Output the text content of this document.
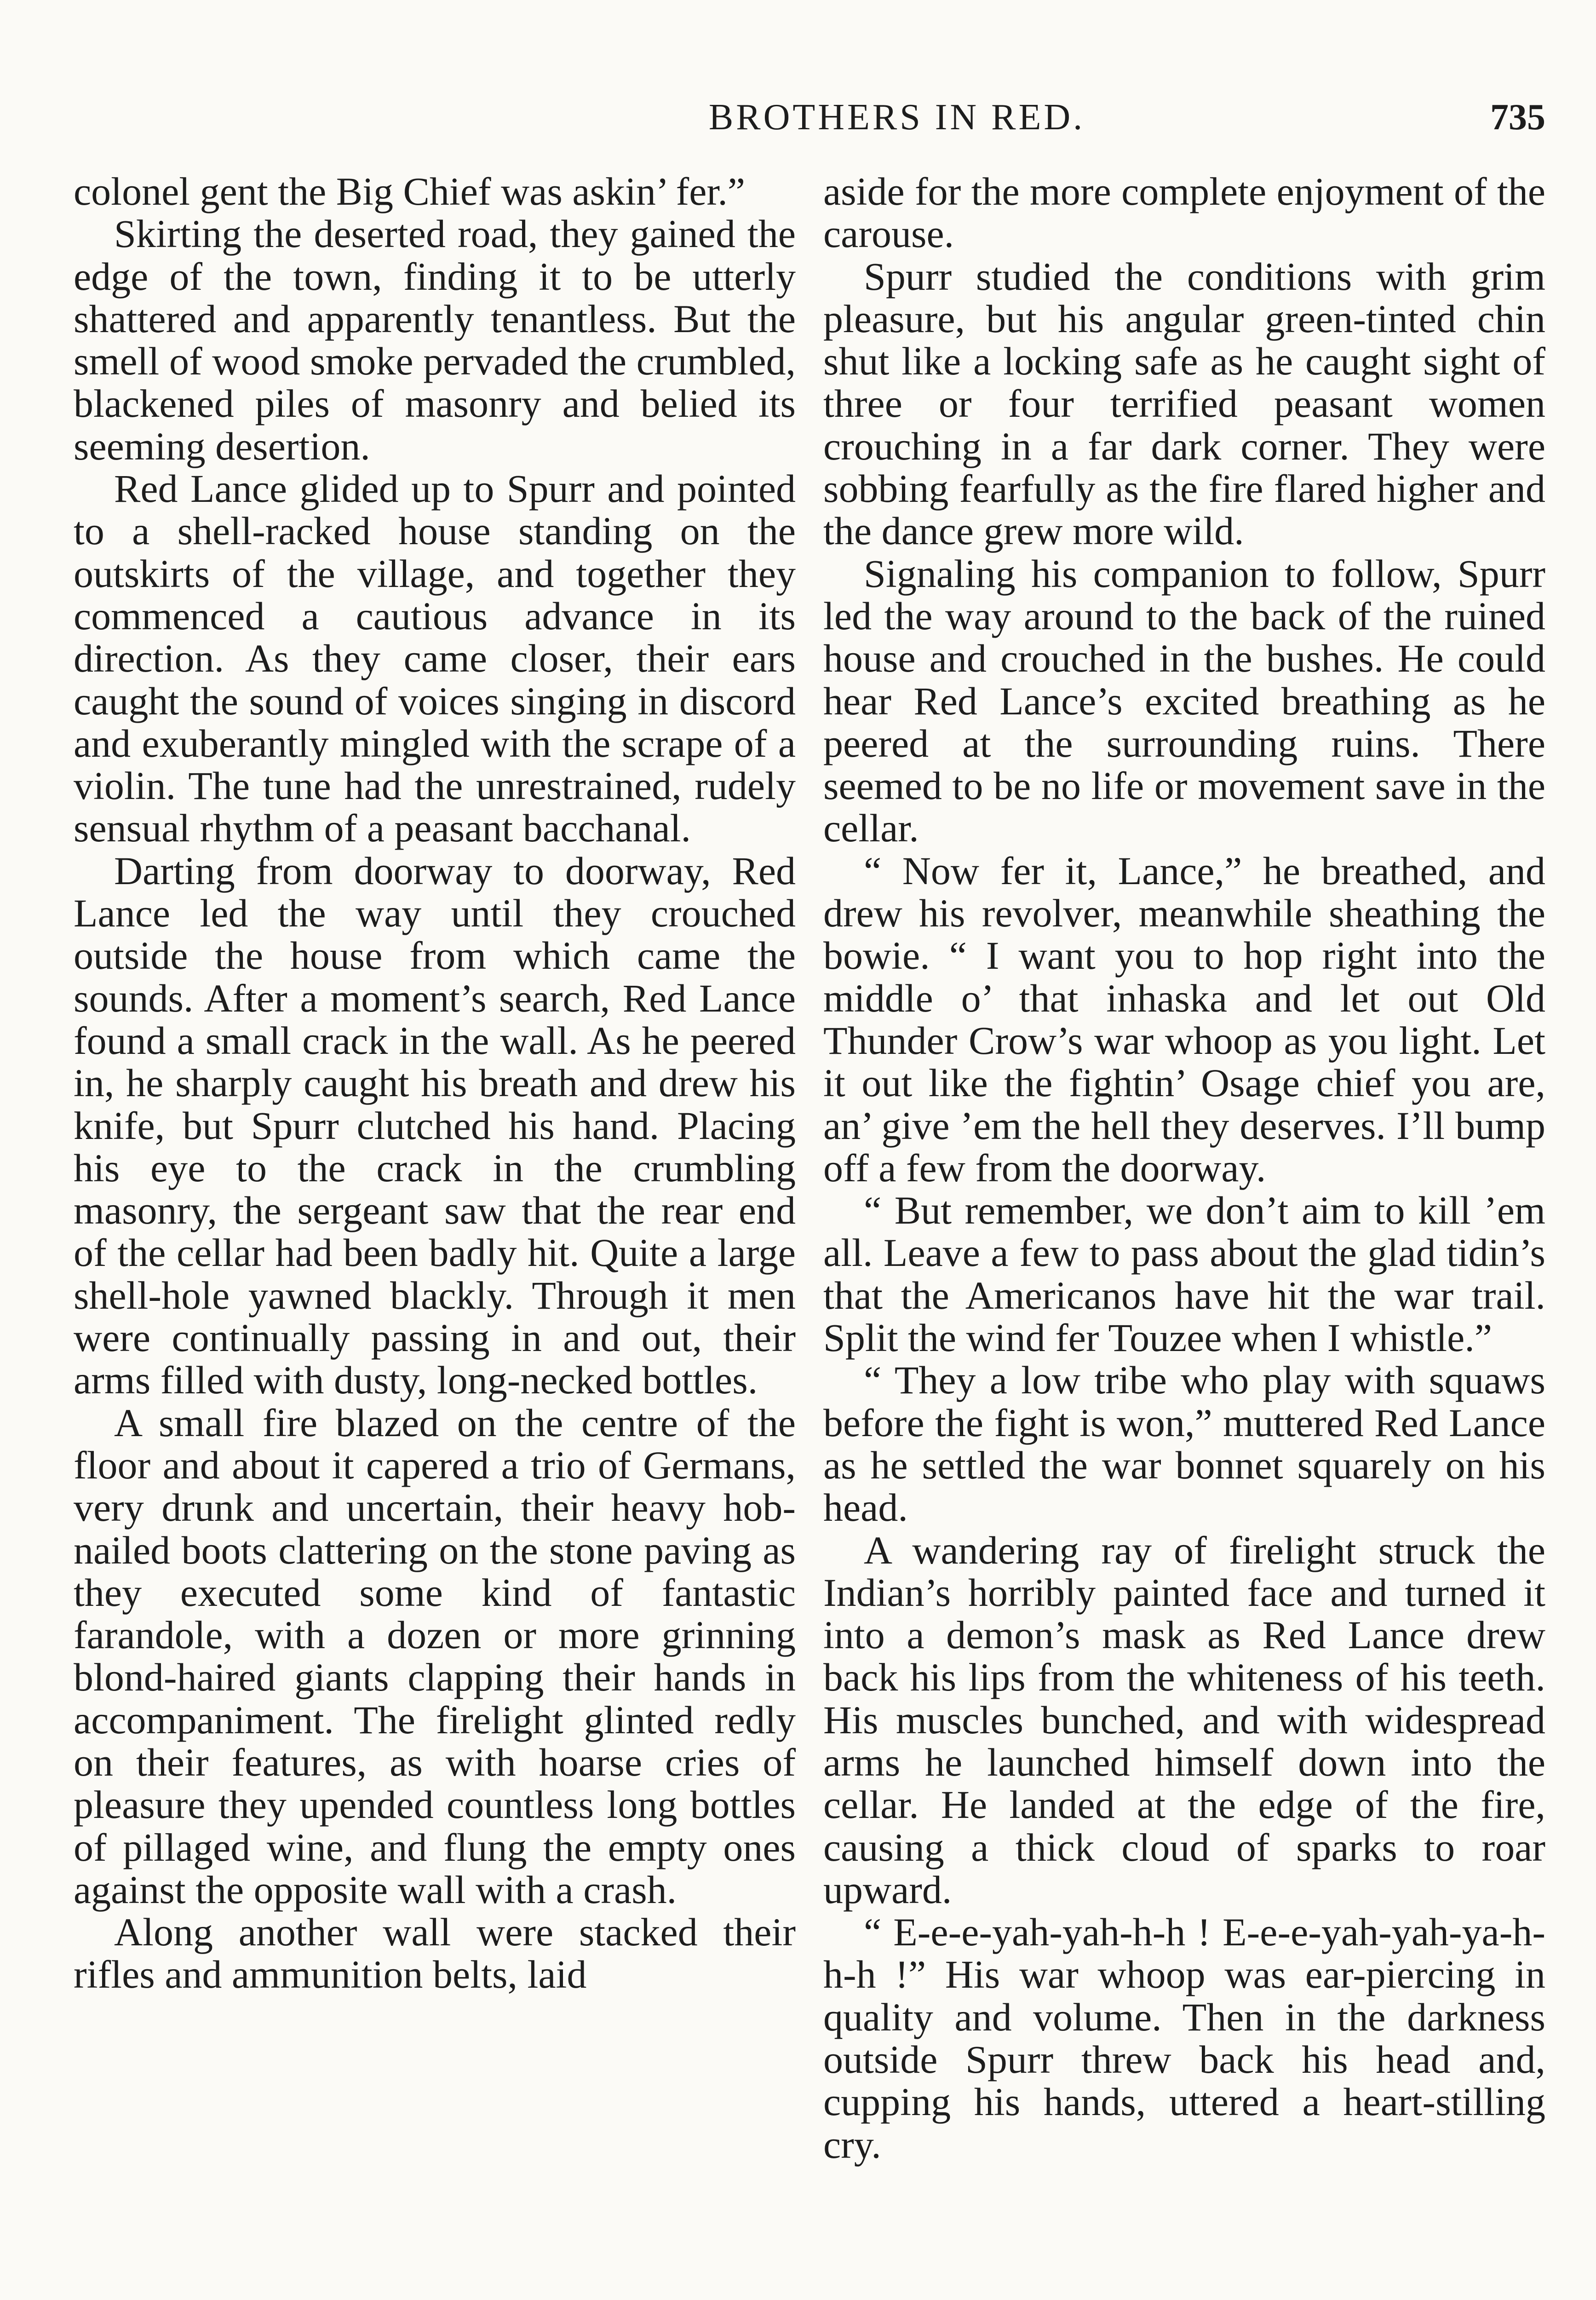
BROTHERS IN RED.	735

colonel gent the Big Chief was askin’ fer.”

Skirting the deserted road, they gained the edge of the town, finding it to be utterly shattered and apparently tenantless. But the smell of wood smoke pervaded the crumbled, blackened piles of masonry and belied its seeming desertion.

Red Lance glided up to Spurr and pointed to a shell-racked house standing on the outskirts of the village, and together they commenced a cautious advance in its direction. As they came closer, their ears caught the sound of voices singing in discord and exuberantly mingled with the scrape of a violin. The tune had the unrestrained, rudely sensual rhythm of a peasant bacchanal.

Darting from doorway to doorway, Red Lance led the way until they crouched outside the house from which came the sounds. After a moment’s search, Red Lance found a small crack in the wall. As he peered in, he sharply caught his breath and drew his knife, but Spurr clutched his hand. Placing his eye to the crack in the crumbling masonry, the sergeant saw that the rear end of the cellar had been badly hit. Quite a large shell-hole yawned blackly. Through it men were continually passing in and out, their arms filled with dusty, long-necked bottles.

A small fire blazed on the centre of the floor and about it capered a trio of Germans, very drunk and uncertain, their heavy hob-nailed boots clattering on the stone paving as they executed some kind of fantastic farandole, with a dozen or more grinning blond-haired giants clapping their hands in accompaniment. The firelight glinted redly on their features, as with hoarse cries of pleasure they upended countless long bottles of pillaged wine, and flung the empty ones against the opposite wall with a crash.

Along another wall were stacked their rifles and ammunition belts, laid

aside for the more complete enjoyment of the carouse.

Spurr studied the conditions with grim pleasure, but his angular green-tinted chin shut like a locking safe as he caught sight of three or four terrified peasant women crouching in a far dark corner. They were sobbing fearfully as the fire flared higher and the dance grew more wild.

Signaling his companion to follow, Spurr led the way around to the back of the ruined house and crouched in the bushes. He could hear Red Lance’s excited breathing as he peered at the surrounding ruins. There seemed to be no life or movement save in the cellar.

“ Now fer it, Lance,” he breathed, and drew his revolver, meanwhile sheathing the bowie. “ I want you to hop right into the middle o’ that inhaska and let out Old Thunder Crow’s war whoop as you light. Let it out like the fightin’ Osage chief you are, an’ give ’em the hell they deserves. I’ll bump off a few from the doorway.

“ But remember, we don’t aim to kill ’em all. Leave a few to pass about the glad tidin’s that the Americanos have hit the war trail. Split the wind fer Touzee when I whistle.”

“ They a low tribe who play with squaws before the fight is won,” muttered Red Lance as he settled the war bonnet squarely on his head.

A wandering ray of firelight struck the Indian’s horribly painted face and turned it into a demon’s mask as Red Lance drew back his lips from the whiteness of his teeth. His muscles bunched, and with widespread arms he launched himself down into the cellar. He landed at the edge of the fire, causing a thick cloud of sparks to roar upward.

“ E-e-e-yah-yah-h-h ! E-e-e-yah-yah-ya-h-h-h !” His war whoop was ear-piercing in quality and volume. Then in the darkness outside Spurr threw back his head and, cupping his hands, uttered a heart-stilling cry.
